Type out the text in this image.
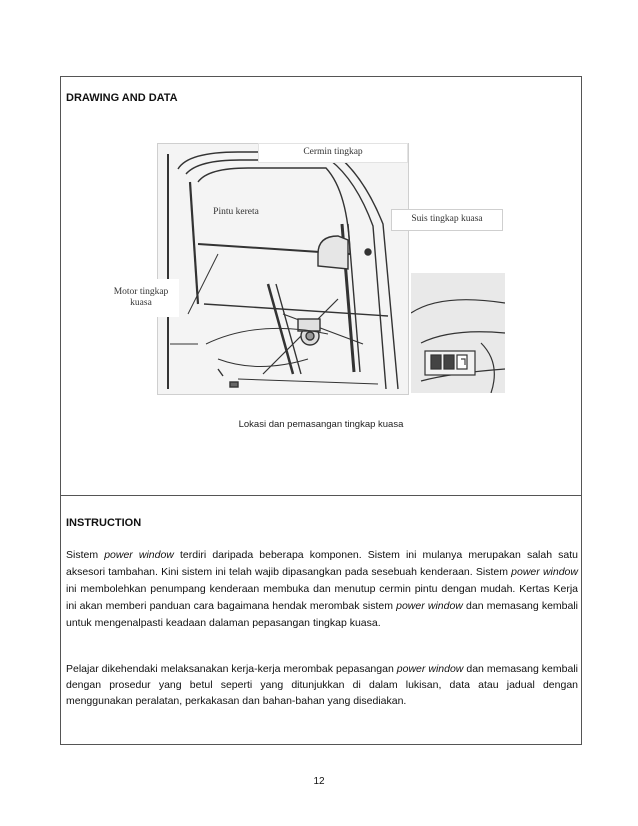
DRAWING AND DATA
Cermin tingkap
Pintu kereta
Suis tingkap kuasa
Motor tingkap kuasa
Lokasi dan pemasangan tingkap kuasa
INSTRUCTION

Sistem power window terdiri daripada beberapa komponen. Sistem ini mulanya merupakan salah satu aksesori tambahan. Kini sistem ini telah wajib dipasangkan pada sesebuah kenderaan. Sistem power window ini membolehkan penumpang kenderaan membuka dan menutup cermin pintu dengan mudah. Kertas Kerja ini akan memberi panduan cara bagaimana hendak merombak sistem power window dan memasang kembali untuk mengenalpasti keadaan dalaman pepasangan tingkap kuasa.

Pelajar dikehendaki melaksanakan kerja-kerja merombak pepasangan power window dan memasang kembali dengan prosedur yang betul seperti yang ditunjukkan di dalam lukisan, data atau jadual dengan menggunakan peralatan, perkakasan dan bahan-bahan yang disediakan.

12
